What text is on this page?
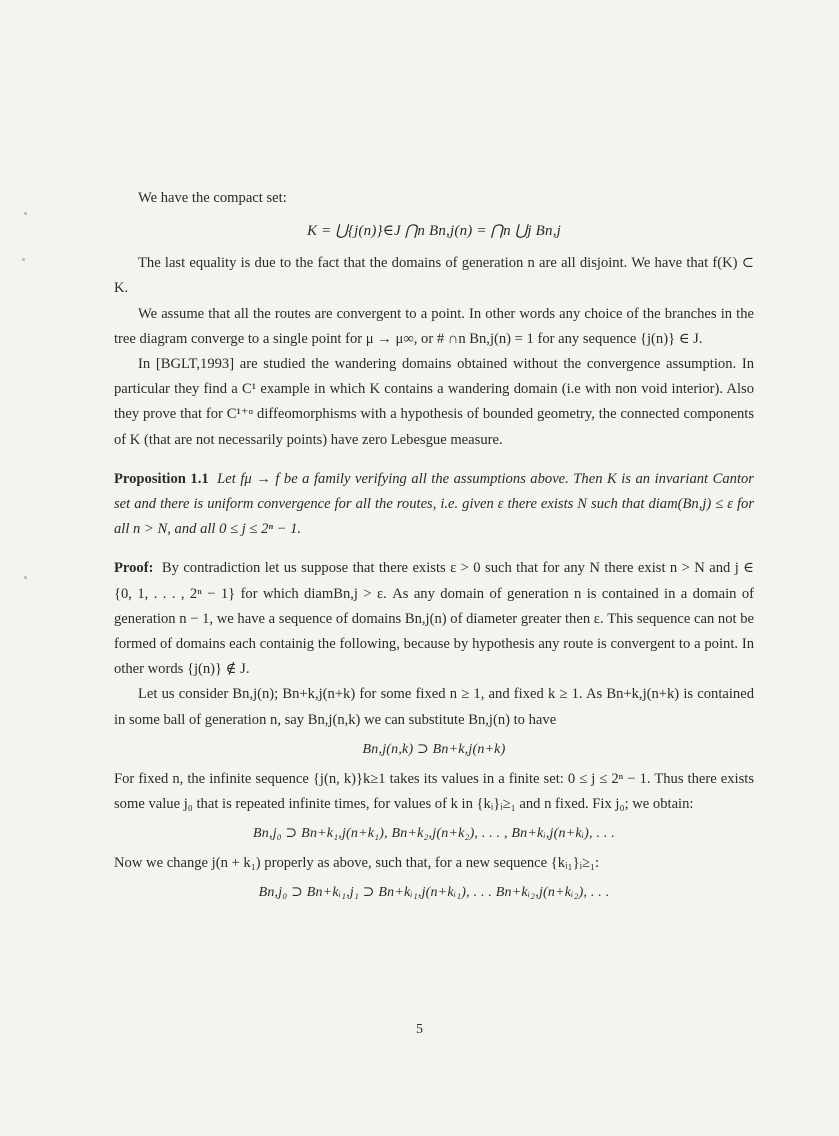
We have the compact set:

K = ⋃{j(n)}∈J ⋂n Bn,j(n) = ⋂n ⋃j Bn,j

The last equality is due to the fact that the domains of generation n are all disjoint. We have that f(K) ⊂ K.

We assume that all the routes are convergent to a point. In other words any choice of the branches in the tree diagram converge to a single point for μ → μ∞, or # ∩n Bn,j(n) = 1 for any sequence {j(n)} ∈ J.

In [BGLT,1993] are studied the wandering domains obtained without the convergence assumption. In particular they find a C¹ example in which K contains a wandering domain (i.e with non void interior). Also they prove that for C¹⁺ᵅ diffeomorphisms with a hypothesis of bounded geometry, the connected components of K (that are not necessarily points) have zero Lebesgue measure.

Proposition 1.1 Let fμ → f be a family verifying all the assumptions above. Then K is an invariant Cantor set and there is uniform convergence for all the routes, i.e. given ε there exists N such that diam(Bn,j) ≤ ε for all n > N, and all 0 ≤ j ≤ 2ⁿ − 1.

Proof: By contradiction let us suppose that there exists ε > 0 such that for any N there exist n > N and j ∈ {0, 1, . . . , 2ⁿ − 1} for which diamBn,j > ε. As any domain of generation n is contained in a domain of generation n − 1, we have a sequence of domains Bn,j(n) of diameter greater then ε. This sequence can not be formed of domains each containig the following, because by hypothesis any route is convergent to a point. In other words {j(n)} ∉ J.

Let us consider Bn,j(n); Bn+k,j(n+k) for some fixed n ≥ 1, and fixed k ≥ 1. As Bn+k,j(n+k) is contained in some ball of generation n, say Bn,j(n,k) we can substitute Bn,j(n) to have

Bn,j(n,k) ⊃ Bn+k,j(n+k)

For fixed n, the infinite sequence {j(n, k)}k≥1 takes its values in a finite set: 0 ≤ j ≤ 2ⁿ − 1. Thus there exists some value j₀ that is repeated infinite times, for values of k in {kᵢ}ᵢ≥₁ and n fixed. Fix j₀; we obtain:

Bn,j₀ ⊃ Bn+k₁,j(n+k₁), Bn+k₂,j(n+k₂), . . . , Bn+kᵢ,j(n+kᵢ), . . .

Now we change j(n + k₁) properly as above, such that, for a new sequence {kᵢ₁}ᵢ≥₁:

Bn,j₀ ⊃ Bn+kᵢ₁,j₁ ⊃ Bn+kᵢ₁,j(n+kᵢ₁), . . . Bn+kᵢ₂,j(n+kᵢ₂), . . .
5
